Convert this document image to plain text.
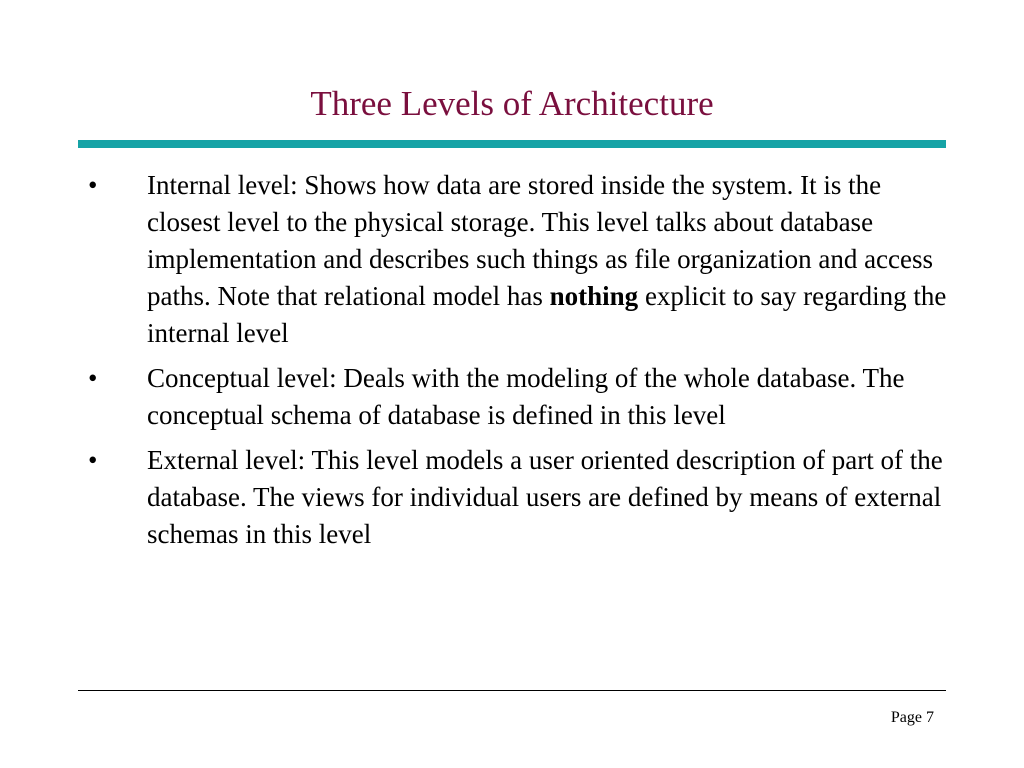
Three Levels of Architecture
• Internal level: Shows how data are stored inside the system. It is the closest level to the physical storage. This level talks about database implementation and describes such things as file organization and access paths. Note that relational model has nothing explicit to say regarding the internal level
• Conceptual level: Deals with the modeling of the whole database. The conceptual schema of database is defined in this level
• External level: This level models a user oriented description of part of the database. The views for individual users are defined by means of external schemas in this level
Page 7
